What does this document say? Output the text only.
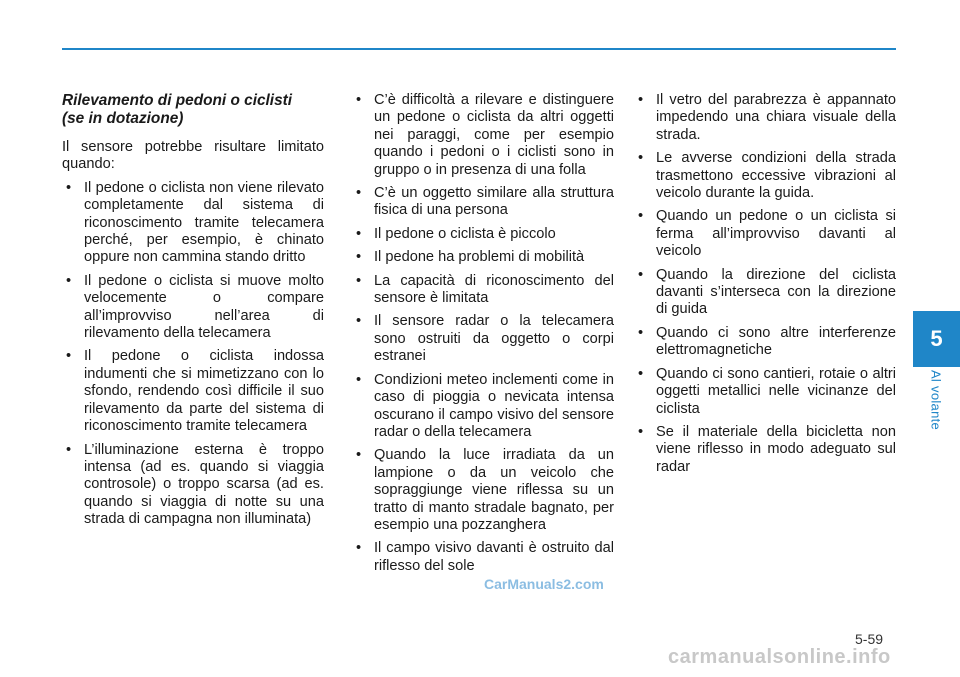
Rilevamento di pedoni o ciclisti
(se in dotazione)

Il sensore potrebbe risultare limitato quando:

• Il pedone o ciclista non viene rilevato completamente dal sistema di riconoscimento tramite telecamera perché, per esempio, è chinato oppure non cammina stando dritto
• Il pedone o ciclista si muove molto velocemente o compare all’improvviso nell’area di rilevamento della telecamera
• Il pedone o ciclista indossa indumenti che si mimetizzano con lo sfondo, rendendo così difficile il suo rilevamento da parte del sistema di riconoscimento tramite telecamera
• L’illuminazione esterna è troppo intensa (ad es. quando si viaggia controsole) o troppo scarsa (ad es. quando si viaggia di notte su una strada di campagna non illuminata)
• C’è difficoltà a rilevare e distinguere un pedone o ciclista da altri oggetti nei paraggi, come per esempio quando i pedoni o i ciclisti sono in gruppo o in presenza di una folla
• C’è un oggetto similare alla struttura fisica di una persona
• Il pedone o ciclista è piccolo
• Il pedone ha problemi di mobilità
• La capacità di riconoscimento del sensore è limitata
• Il sensore radar o la telecamera sono ostruiti da oggetto o corpi estranei
• Condizioni meteo inclementi come in caso di pioggia o nevicata intensa oscurano il campo visivo del sensore radar o della telecamera
• Quando la luce irradiata da un lampione o da un veicolo che sopraggiunge viene riflessa su un tratto di manto stradale bagnato, per esempio una pozzanghera
• Il campo visivo davanti è ostruito dal riflesso del sole
• Il vetro del parabrezza è appannato impedendo una chiara visuale della strada.
• Le avverse condizioni della strada trasmettono eccessive vibrazioni al veicolo durante la guida.
• Quando un pedone o un ciclista si ferma all’improvviso davanti al veicolo
• Quando la direzione del ciclista davanti s’interseca con la direzione di guida
• Quando ci sono altre interferenze elettromagnetiche
• Quando ci sono cantieri, rotaie o altri oggetti metallici nelle vicinanze del ciclista
• Se il materiale della bicicletta non viene riflesso in modo adeguato sul radar
5
Al volante
5-59
CarManuals2.com
carmanualsonline.info
